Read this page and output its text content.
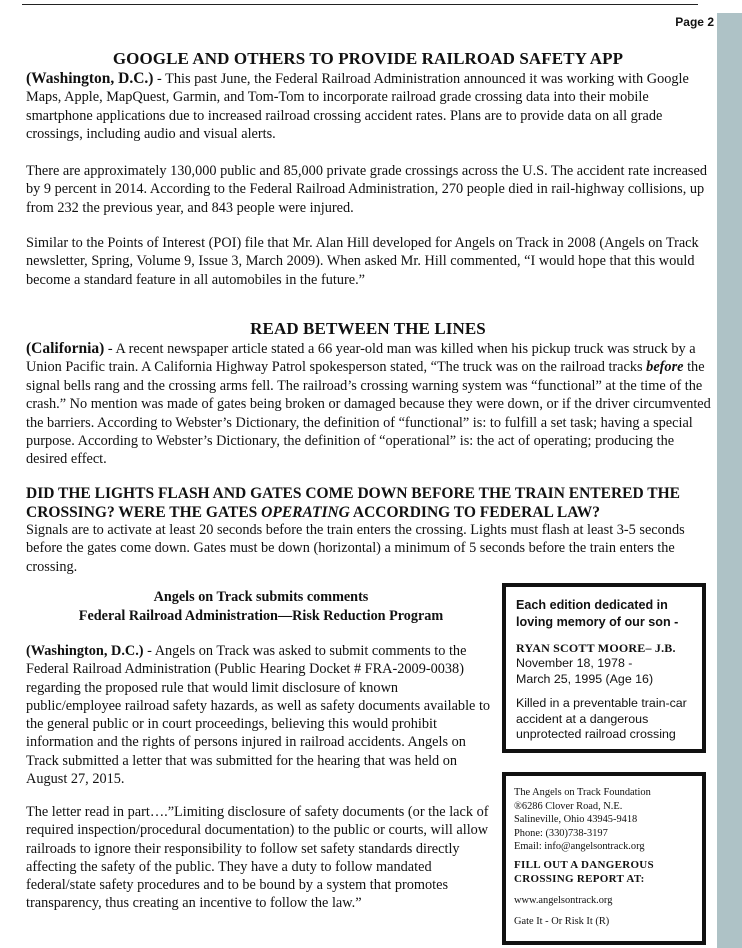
Page 2
GOOGLE AND OTHERS TO PROVIDE RAILROAD SAFETY APP

(Washington, D.C.) - This past June, the Federal Railroad Administration announced it was working with Google Maps, Apple, MapQuest, Garmin, and Tom-Tom to incorporate railroad grade crossing data into their mobile smartphone applications due to increased railroad crossing accident rates. Plans are to provide data on all grade crossings, including audio and visual alerts.

There are approximately 130,000 public and 85,000 private grade crossings across the U.S. The accident rate increased by 9 percent in 2014. According to the Federal Railroad Administration, 270 people died in rail-highway collisions, up from 232 the previous year, and 843 people were injured.

Similar to the Points of Interest (POI) file that Mr. Alan Hill developed for Angels on Track in 2008 (Angels on Track newsletter, Spring, Volume 9, Issue 3, March 2009). When asked Mr. Hill commented, “I would hope that this would become a standard feature in all automobiles in the future.”

READ BETWEEN THE LINES

(California) - A recent newspaper article stated a 66 year-old man was killed when his pickup truck was struck by a Union Pacific train. A California Highway Patrol spokesperson stated, “The truck was on the railroad tracks before the signal bells rang and the crossing arms fell. The railroad’s crossing warning system was “functional” at the time of the crash.” No mention was made of gates being broken or damaged because they were down, or if the driver circumvented the barriers. According to Webster’s Dictionary, the definition of “functional” is: to fulfill a set task; having a special purpose. According to Webster’s Dictionary, the definition of “operational” is: the act of operating; producing the desired effect.

DID THE LIGHTS FLASH AND GATES COME DOWN BEFORE THE TRAIN ENTERED THE CROSSING? WERE THE GATES OPERATING ACCORDING TO FEDERAL LAW?

Signals are to activate at least 20 seconds before the train enters the crossing. Lights must flash at least 3-5 seconds before the gates come down. Gates must be down (horizontal) a minimum of 5 seconds before the train enters the crossing.

Angels on Track submits comments
Federal Railroad Administration—Risk Reduction Program

(Washington, D.C.) - Angels on Track was asked to submit comments to the Federal Railroad Administration (Public Hearing Docket # FRA-2009-0038) regarding the proposed rule that would limit disclosure of known public/employee railroad safety hazards, as well as safety documents available to the general public or in court proceedings, believing this would prohibit information and the rights of persons injured in railroad accidents. Angels on Track submitted a letter that was submitted for the hearing that was held on August 27, 2015.

The letter read in part….”Limiting disclosure of safety documents (or the lack of required inspection/procedural documentation) to the public or courts, will allow railroads to ignore their responsibility to follow set safety standards directly affecting the safety of the public. They have a duty to follow mandated federal/state safety procedures and to be bound by a system that promotes transparency, thus creating an incentive to follow the law.”

Each edition dedicated in loving memory of our son -
RYAN SCOTT MOORE– J.B.
November 18, 1978 -
March 25, 1995 (Age 16)
Killed in a preventable train-car accident at a dangerous unprotected railroad crossing
The Angels on Track Foundation
®6286 Clover Road, N.E.
Salineville, Ohio 43945-9418
Phone: (330)738-3197
Email: info@angelsontrack.org
FILL OUT A DANGEROUS CROSSING REPORT AT:
www.angelsontrack.org
Gate It - Or Risk It (R)
